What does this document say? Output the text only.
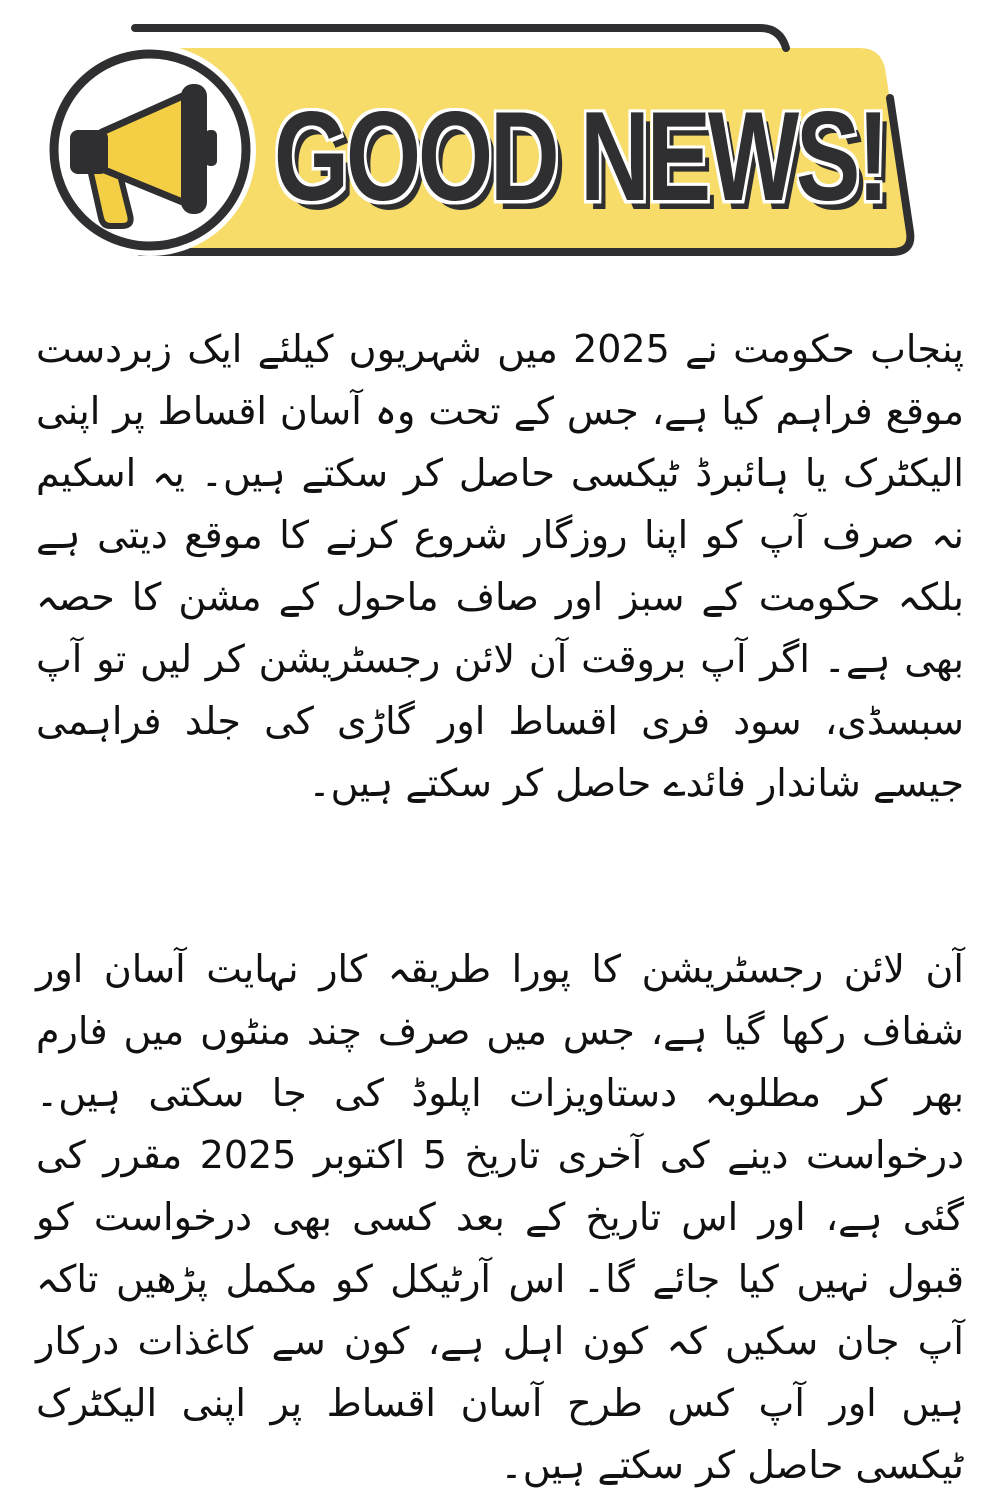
GOOD NEWS!

پنجاب حکومت نے 2025 میں شہریوں کیلئے ایک زبردست موقع فراہم کیا ہے، جس کے تحت وہ آسان اقساط پر اپنی الیکٹرک یا ہائبرڈ ٹیکسی حاصل کر سکتے ہیں۔ یہ اسکیم نہ صرف آپ کو اپنا روزگار شروع کرنے کا موقع دیتی ہے بلکہ حکومت کے سبز اور صاف ماحول کے مشن کا حصہ بھی ہے۔ اگر آپ بروقت آن لائن رجسٹریشن کر لیں تو آپ سبسڈی، سود فری اقساط اور گاڑی کی جلد فراہمی جیسے شاندار فائدے حاصل کر سکتے ہیں۔

آن لائن رجسٹریشن کا پورا طریقہ کار نہایت آسان اور شفاف رکھا گیا ہے، جس میں صرف چند منٹوں میں فارم بھر کر مطلوبہ دستاویزات اپلوڈ کی جا سکتی ہیں۔ درخواست دینے کی آخری تاریخ 5 اکتوبر 2025 مقرر کی گئی ہے، اور اس تاریخ کے بعد کسی بھی درخواست کو قبول نہیں کیا جائے گا۔ اس آرٹیکل کو مکمل پڑھیں تاکہ آپ جان سکیں کہ کون اہل ہے، کون سے کاغذات درکار ہیں اور آپ کس طرح آسان اقساط پر اپنی الیکٹرک ٹیکسی حاصل کر سکتے ہیں۔
